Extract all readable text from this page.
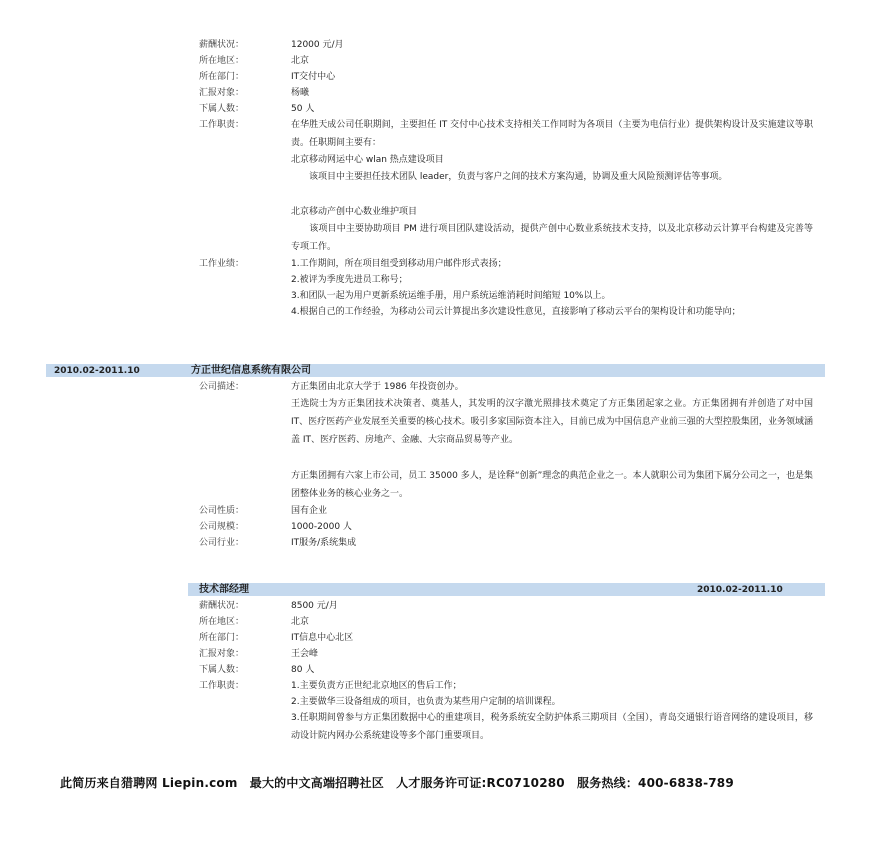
薪酬状况：	12000 元/月
所在地区：	北京
所在部门：	IT交付中心
汇报对象：	杨曦
下属人数：	50 人
工作职责：	在华胜天成公司任职期间，主要担任 IT 交付中心技术支持相关工作同时为各项目（主要为电信行业）提供架构设计及实施建议等职责。任职期间主要有：
北京移动网运中心 wlan 热点建设项目
　　该项目中主要担任技术团队 leader，负责与客户之间的技术方案沟通，协调及重大风险预测评估等事项。
北京移动产创中心数业维护项目
　　该项目中主要协助项目 PM 进行项目团队建设活动，提供产创中心数业系统技术支持，以及北京移动云计算平台构建及完善等专项工作。
工作业绩：	1.工作期间，所在项目组受到移动用户邮件形式表扬；
2.被评为季度先进员工称号；
3.和团队一起为用户更新系统运维手册，用户系统运维消耗时间缩短 10%以上。
4.根据自己的工作经验，为移动公司云计算提出多次建设性意见，直接影响了移动云平台的架构设计和功能导向；
2010.02-2011.10	方正世纪信息系统有限公司
公司描述：	方正集团由北京大学于 1986 年投资创办。
王选院士为方正集团技术决策者、奠基人，其发明的汉字激光照排技术奠定了方正集团起家之业。方正集团拥有并创造了对中国 IT、医疗医药产业发展至关重要的核心技术。吸引多家国际资本注入，目前已成为中国信息产业前三强的大型控股集团，业务领域涵盖 IT、医疗医药、房地产、金融、大宗商品贸易等产业。
方正集团拥有六家上市公司，员工 35000 多人，是诠释“创新”理念的典范企业之一。本人就职公司为集团下属分公司之一，也是集团整体业务的核心业务之一。
公司性质：	国有企业
公司规模：	1000-2000 人
公司行业：	IT服务/系统集成
技术部经理	2010.02-2011.10
薪酬状况：	8500 元/月
所在地区：	北京
所在部门：	IT信息中心北区
汇报对象：	王会峰
下属人数：	80 人
工作职责：	1.主要负责方正世纪北京地区的售后工作；
2.主要做华三设备组成的项目，也负责为某些用户定制的培训课程。
3.任职期间曾参与方正集团数据中心的重建项目，税务系统安全防护体系三期项目（全国），青岛交通银行语音网络的建设项目，移动设计院内网办公系统建设等多个部门重要项目。
此简历来自猎聘网 Liepin.com　最大的中文高端招聘社区　人才服务许可证:RC0710280　服务热线：400-6838-789
